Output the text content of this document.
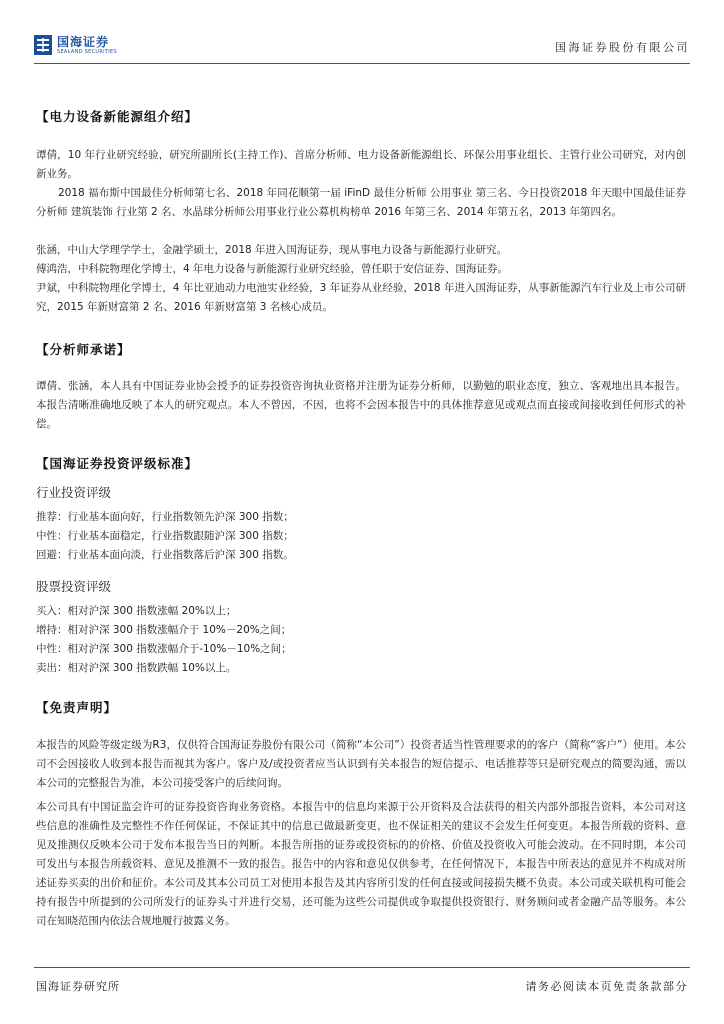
国海证券
SEALAND SECURITIES	国海证券股份有限公司
【电力设备新能源组介绍】
谭倩，10 年行业研究经验，研究所副所长(主持工作)、首席分析师、电力设备新能源组长、环保公用事业组长、主管行业公司研究，对内创新业务。
2018 福布斯中国最佳分析师第七名、2018 年同花顺第一届 iFinD 最佳分析师 公用事业 第三名、今日投资2018 年天眼中国最佳证券分析师 建筑装饰 行业第 2 名、水晶球分析师公用事业行业公募机构榜单 2016 年第三名、2014 年第五名，2013 年第四名。
张涵，中山大学理学学士，金融学硕士，2018 年进入国海证券，现从事电力设备与新能源行业研究。
傅鸿浩，中科院物理化学博士，4 年电力设备与新能源行业研究经验，曾任职于安信证券、国海证券。
尹斌，中科院物理化学博士，4 年比亚迪动力电池实业经验，3 年证券从业经验，2018 年进入国海证券，从事新能源汽车行业及上市公司研究，2015 年新财富第 2 名、2016 年新财富第 3 名核心成员。
【分析师承诺】
谭倩、张涵，本人具有中国证券业协会授予的证券投资咨询执业资格并注册为证券分析师，以勤勉的职业态度，独立、客观地出具本报告。本报告清晰准确地反映了本人的研究观点。本人不曾因，不因，也将不会因本报告中的具体推荐意见或观点而直接或间接收到任何形式的补偿。
【国海证券投资评级标准】
行业投资评级
推荐：行业基本面向好，行业指数领先沪深 300 指数；
中性：行业基本面稳定，行业指数跟随沪深 300 指数；
回避：行业基本面向淡，行业指数落后沪深 300 指数。
股票投资评级
买入：相对沪深 300 指数涨幅 20%以上；
增持：相对沪深 300 指数涨幅介于 10%－20%之间；
中性：相对沪深 300 指数涨幅介于-10%－10%之间；
卖出：相对沪深 300 指数跌幅 10%以上。
【免责声明】
本报告的风险等级定级为R3，仅供符合国海证券股份有限公司（简称“本公司”）投资者适当性管理要求的的客户（简称“客户”）使用。本公司不会因接收人收到本报告而视其为客户。客户及/或投资者应当认识到有关本报告的短信提示、电话推荐等只是研究观点的简要沟通，需以本公司的完整报告为准，本公司接受客户的后续问询。
本公司具有中国证监会许可的证券投资咨询业务资格。本报告中的信息均来源于公开资料及合法获得的相关内部外部报告资料，本公司对这些信息的准确性及完整性不作任何保证，不保证其中的信息已做最新变更，也不保证相关的建议不会发生任何变更。本报告所载的资料、意见及推测仅反映本公司于发布本报告当日的判断。本报告所指的证券或投资标的的价格、价值及投资收入可能会波动。在不同时期，本公司可发出与本报告所载资料、意见及推测不一致的报告。报告中的内容和意见仅供参考，在任何情况下，本报告中所表达的意见并不构成对所述证券买卖的出价和征价。本公司及其本公司员工对使用本报告及其内容所引发的任何直接或间接损失概不负责。本公司或关联机构可能会持有报告中所提到的公司所发行的证券头寸并进行交易，还可能为这些公司提供或争取提供投资银行、财务顾问或者金融产品等服务。本公司在知晓范围内依法合规地履行披露义务。
国海证券研究所	请务必阅读本页免责条款部分
